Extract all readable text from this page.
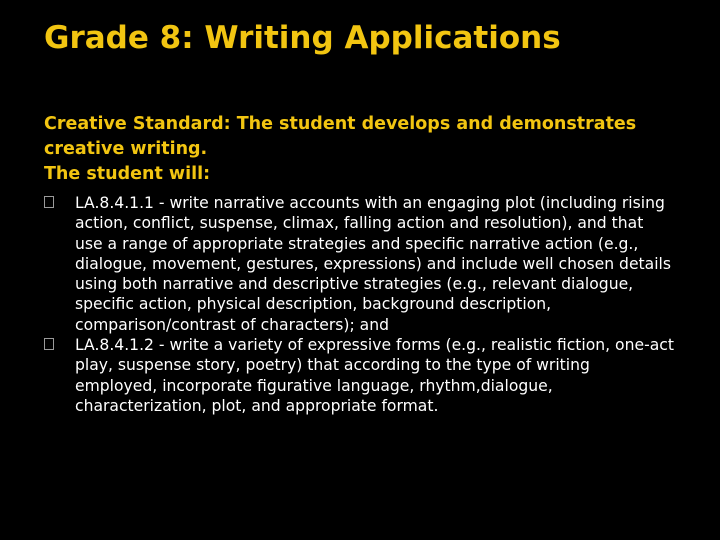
Grade 8: Writing Applications

Creative Standard: The student develops and demonstrates
creative writing.
The student will:

LA.8.4.1.1 - write narrative accounts with an engaging plot (including rising action, conflict, suspense, climax, falling action and resolution), and that use a range of appropriate strategies and specific narrative action (e.g., dialogue, movement, gestures, expressions) and include well chosen details using both narrative and descriptive strategies (e.g., relevant dialogue, specific action, physical description, background description, comparison/contrast of characters); and
LA.8.4.1.2 - write a variety of expressive forms (e.g., realistic fiction, one-act play, suspense story, poetry) that according to the type of writing employed, incorporate figurative language, rhythm,dialogue, characterization, plot, and appropriate format.
